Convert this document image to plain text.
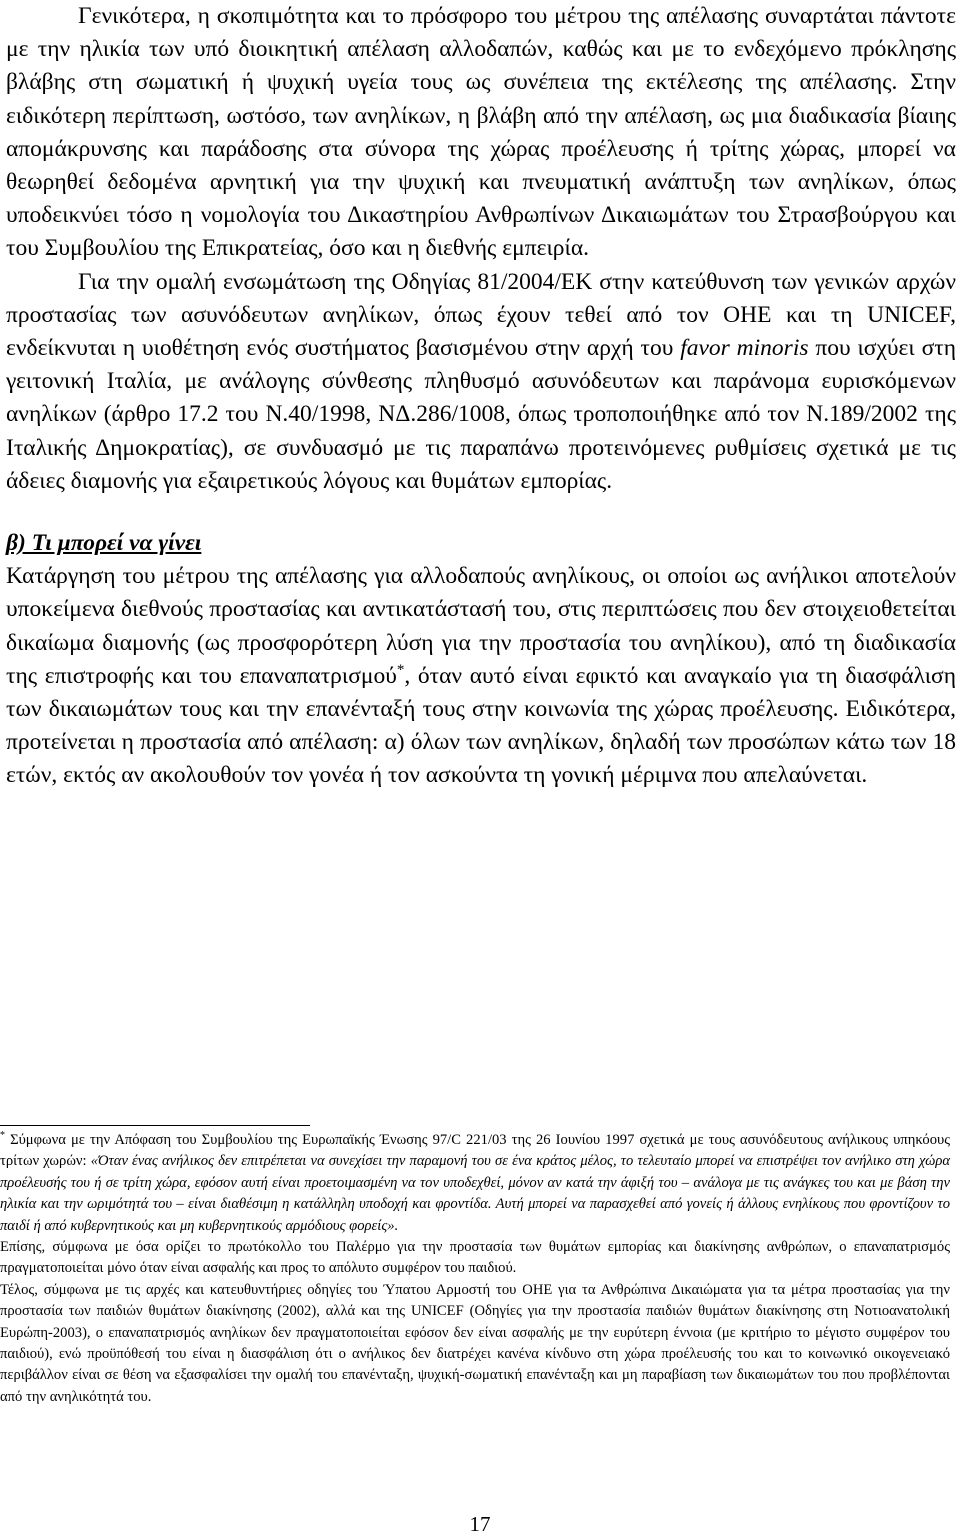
Γενικότερα, η σκοπιμότητα και το πρόσφορο του μέτρου της απέλασης συναρτάται πάντοτε με την ηλικία των υπό διοικητική απέλαση αλλοδαπών, καθώς και με το ενδεχόμενο πρόκλησης βλάβης στη σωματική ή ψυχική υγεία τους ως συνέπεια της εκτέλεσης της απέλασης. Στην ειδικότερη περίπτωση, ωστόσο, των ανηλίκων, η βλάβη από την απέλαση, ως μια διαδικασία βίαιης απομάκρυνσης και παράδοσης στα σύνορα της χώρας προέλευσης ή τρίτης χώρας, μπορεί να θεωρηθεί δεδομένα αρνητική για την ψυχική και πνευματική ανάπτυξη των ανηλίκων, όπως υποδεικνύει τόσο η νομολογία του Δικαστηρίου Ανθρωπίνων Δικαιωμάτων του Στρασβούργου και του Συμβουλίου της Επικρατείας, όσο και η διεθνής εμπειρία.

Για την ομαλή ενσωμάτωση της Οδηγίας 81/2004/ΕΚ στην κατεύθυνση των γενικών αρχών προστασίας των ασυνόδευτων ανηλίκων, όπως έχουν τεθεί από τον ΟΗΕ και τη UNICEF, ενδείκνυται η υιοθέτηση ενός συστήματος βασισμένου στην αρχή του favor minoris που ισχύει στη γειτονική Ιταλία, με ανάλογης σύνθεσης πληθυσμό ασυνόδευτων και παράνομα ευρισκόμενων ανηλίκων (άρθρο 17.2 του Ν.40/1998, ΝΔ.286/1008, όπως τροποποιήθηκε από τον Ν.189/2002 της Ιταλικής Δημοκρατίας), σε συνδυασμό με τις παραπάνω προτεινόμενες ρυθμίσεις σχετικά με τις άδειες διαμονής για εξαιρετικούς λόγους και θυμάτων εμπορίας.

β) Τι μπορεί να γίνει

Κατάργηση του μέτρου της απέλασης για αλλοδαπούς ανηλίκους, οι οποίοι ως ανήλικοι αποτελούν υποκείμενα διεθνούς προστασίας και αντικατάστασή του, στις περιπτώσεις που δεν στοιχειοθετείται δικαίωμα διαμονής (ως προσφορότερη λύση για την προστασία του ανηλίκου), από τη διαδικασία της επιστροφής και του επαναπατρισμού*, όταν αυτό είναι εφικτό και αναγκαίο για τη διασφάλιση των δικαιωμάτων τους και την επανένταξή τους στην κοινωνία της χώρας προέλευσης. Ειδικότερα, προτείνεται η προστασία από απέλαση: α) όλων των ανηλίκων, δηλαδή των προσώπων κάτω των 18 ετών, εκτός αν ακολουθούν τον γονέα ή τον ασκούντα τη γονική μέριμνα που απελαύνεται.

* Σύμφωνα με την Απόφαση του Συμβουλίου της Ευρωπαϊκής Ένωσης 97/C 221/03 της 26 Ιουνίου 1997 σχετικά με τους ασυνόδευτους ανήλικους υπηκόους τρίτων χωρών: «Όταν ένας ανήλικος δεν επιτρέπεται να συνεχίσει την παραμονή του σε ένα κράτος μέλος, το τελευταίο μπορεί να επιστρέψει τον ανήλικο στη χώρα προέλευσής του ή σε τρίτη χώρα, εφόσον αυτή είναι προετοιμασμένη να τον υποδεχθεί, μόνον αν κατά την άφιξή του – ανάλογα με τις ανάγκες του και με βάση την ηλικία και την ωριμότητά του – είναι διαθέσιμη η κατάλληλη υποδοχή και φροντίδα. Αυτή μπορεί να παρασχεθεί από γονείς ή άλλους ενηλίκους που φροντίζουν το παιδί ή από κυβερνητικούς και μη κυβερνητικούς αρμόδιους φορείς».

Επίσης, σύμφωνα με όσα ορίζει το πρωτόκολλο του Παλέρμο για την προστασία των θυμάτων εμπορίας και διακίνησης ανθρώπων, ο επαναπατρισμός πραγματοποιείται μόνο όταν είναι ασφαλής και προς το απόλυτο συμφέρον του παιδιού.

Τέλος, σύμφωνα με τις αρχές και κατευθυντήριες οδηγίες του Ύπατου Αρμοστή του ΟΗΕ για τα Ανθρώπινα Δικαιώματα για τα μέτρα προστασίας για την προστασία των παιδιών θυμάτων διακίνησης (2002), αλλά και της UNICEF (Οδηγίες για την προστασία παιδιών θυμάτων διακίνησης στη Νοτιοανατολική Ευρώπη-2003), ο επαναπατρισμός ανηλίκων δεν πραγματοποιείται εφόσον δεν είναι ασφαλής με την ευρύτερη έννοια (με κριτήριο το μέγιστο συμφέρον του παιδιού), ενώ προϋπόθεσή του είναι η διασφάλιση ότι ο ανήλικος δεν διατρέχει κανένα κίνδυνο στη χώρα προέλευσής του και το κοινωνικό οικογενειακό περιβάλλον είναι σε θέση να εξασφαλίσει την ομαλή του επανένταξη, ψυχική-σωματική επανένταξη και μη παραβίαση των δικαιωμάτων του που προβλέπονται από την ανηλικότητά του.

17
